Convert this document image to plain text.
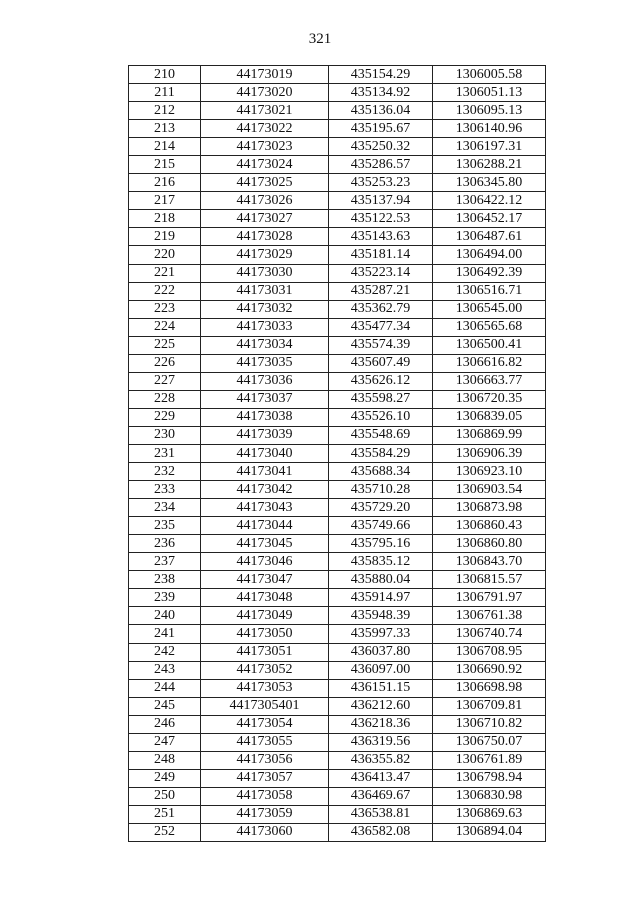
321
210	44173019	435154.29	1306005.58
211	44173020	435134.92	1306051.13
212	44173021	435136.04	1306095.13
213	44173022	435195.67	1306140.96
214	44173023	435250.32	1306197.31
215	44173024	435286.57	1306288.21
216	44173025	435253.23	1306345.80
217	44173026	435137.94	1306422.12
218	44173027	435122.53	1306452.17
219	44173028	435143.63	1306487.61
220	44173029	435181.14	1306494.00
221	44173030	435223.14	1306492.39
222	44173031	435287.21	1306516.71
223	44173032	435362.79	1306545.00
224	44173033	435477.34	1306565.68
225	44173034	435574.39	1306500.41
226	44173035	435607.49	1306616.82
227	44173036	435626.12	1306663.77
228	44173037	435598.27	1306720.35
229	44173038	435526.10	1306839.05
230	44173039	435548.69	1306869.99
231	44173040	435584.29	1306906.39
232	44173041	435688.34	1306923.10
233	44173042	435710.28	1306903.54
234	44173043	435729.20	1306873.98
235	44173044	435749.66	1306860.43
236	44173045	435795.16	1306860.80
237	44173046	435835.12	1306843.70
238	44173047	435880.04	1306815.57
239	44173048	435914.97	1306791.97
240	44173049	435948.39	1306761.38
241	44173050	435997.33	1306740.74
242	44173051	436037.80	1306708.95
243	44173052	436097.00	1306690.92
244	44173053	436151.15	1306698.98
245	4417305401	436212.60	1306709.81
246	44173054	436218.36	1306710.82
247	44173055	436319.56	1306750.07
248	44173056	436355.82	1306761.89
249	44173057	436413.47	1306798.94
250	44173058	436469.67	1306830.98
251	44173059	436538.81	1306869.63
252	44173060	436582.08	1306894.04
